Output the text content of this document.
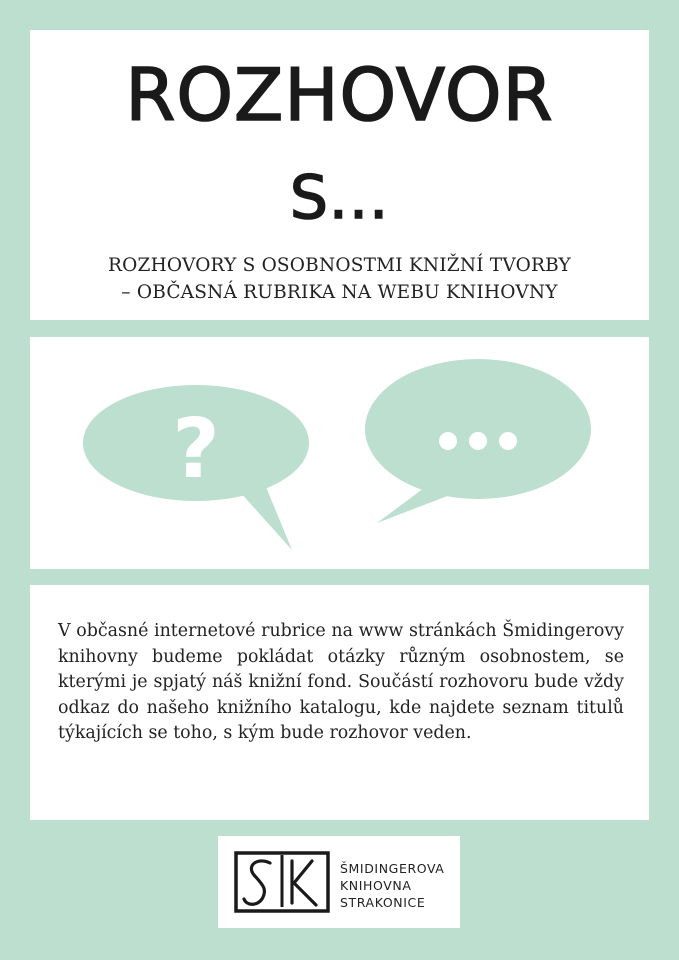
ROZHOVOR
S...
ROZHOVORY S OSOBNOSTMI KNIŽNÍ TVORBY
– OBČASNÁ RUBRIKA NA WEBU KNIHOVNY
?

V občasné internetové rubrice na www stránkách Šmidingerovy knihovny budeme pokládat otázky různým osobnostem, se kterými je spjatý náš knižní fond. Součástí rozhovoru bude vždy odkaz do našeho knižního katalogu, kde najdete seznam titulů týkajících se toho, s kým bude rozhovor veden.

ŠMIDINGEROVA
KNIHOVNA
STRAKONICE
